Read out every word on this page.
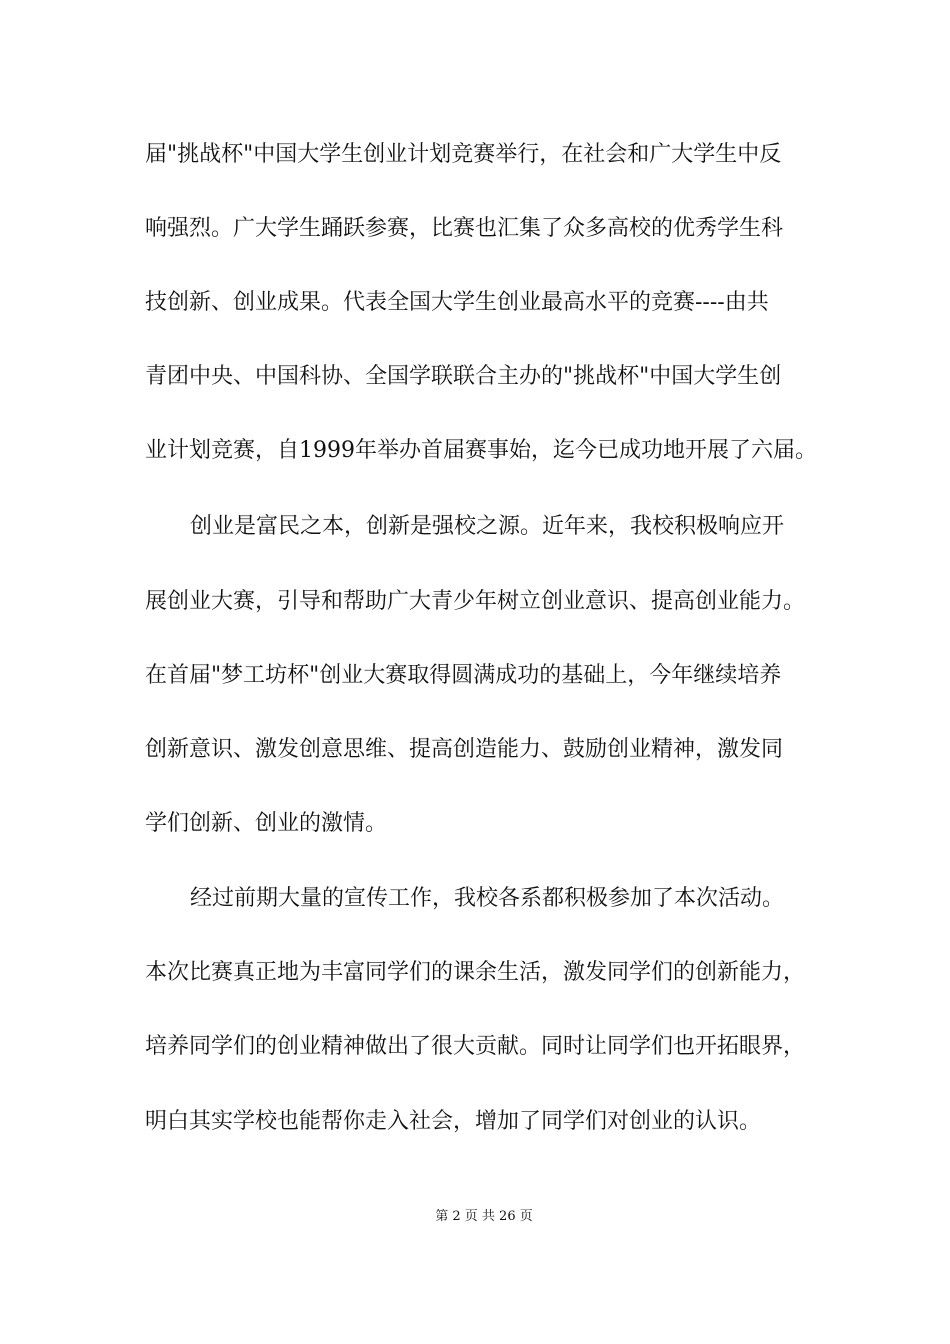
届"挑战杯"中国大学生创业计划竞赛举行，在社会和广大学生中反
响强烈。广大学生踊跃参赛，比赛也汇集了众多高校的优秀学生科
技创新、创业成果。代表全国大学生创业最高水平的竞赛----由共
青团中央、中国科协、全国学联联合主办的"挑战杯"中国大学生创
业计划竞赛，自1999年举办首届赛事始，迄今已成功地开展了六届。
创业是富民之本，创新是强校之源。近年来，我校积极响应开
展创业大赛，引导和帮助广大青少年树立创业意识、提高创业能力。
在首届"梦工坊杯"创业大赛取得圆满成功的基础上，今年继续培养
创新意识、激发创意思维、提高创造能力、鼓励创业精神，激发同
学们创新、创业的激情。
经过前期大量的宣传工作，我校各系都积极参加了本次活动。
本次比赛真正地为丰富同学们的课余生活，激发同学们的创新能力，
培养同学们的创业精神做出了很大贡献。同时让同学们也开拓眼界，
明白其实学校也能帮你走入社会，增加了同学们对创业的认识。
第 2 页 共 26 页
